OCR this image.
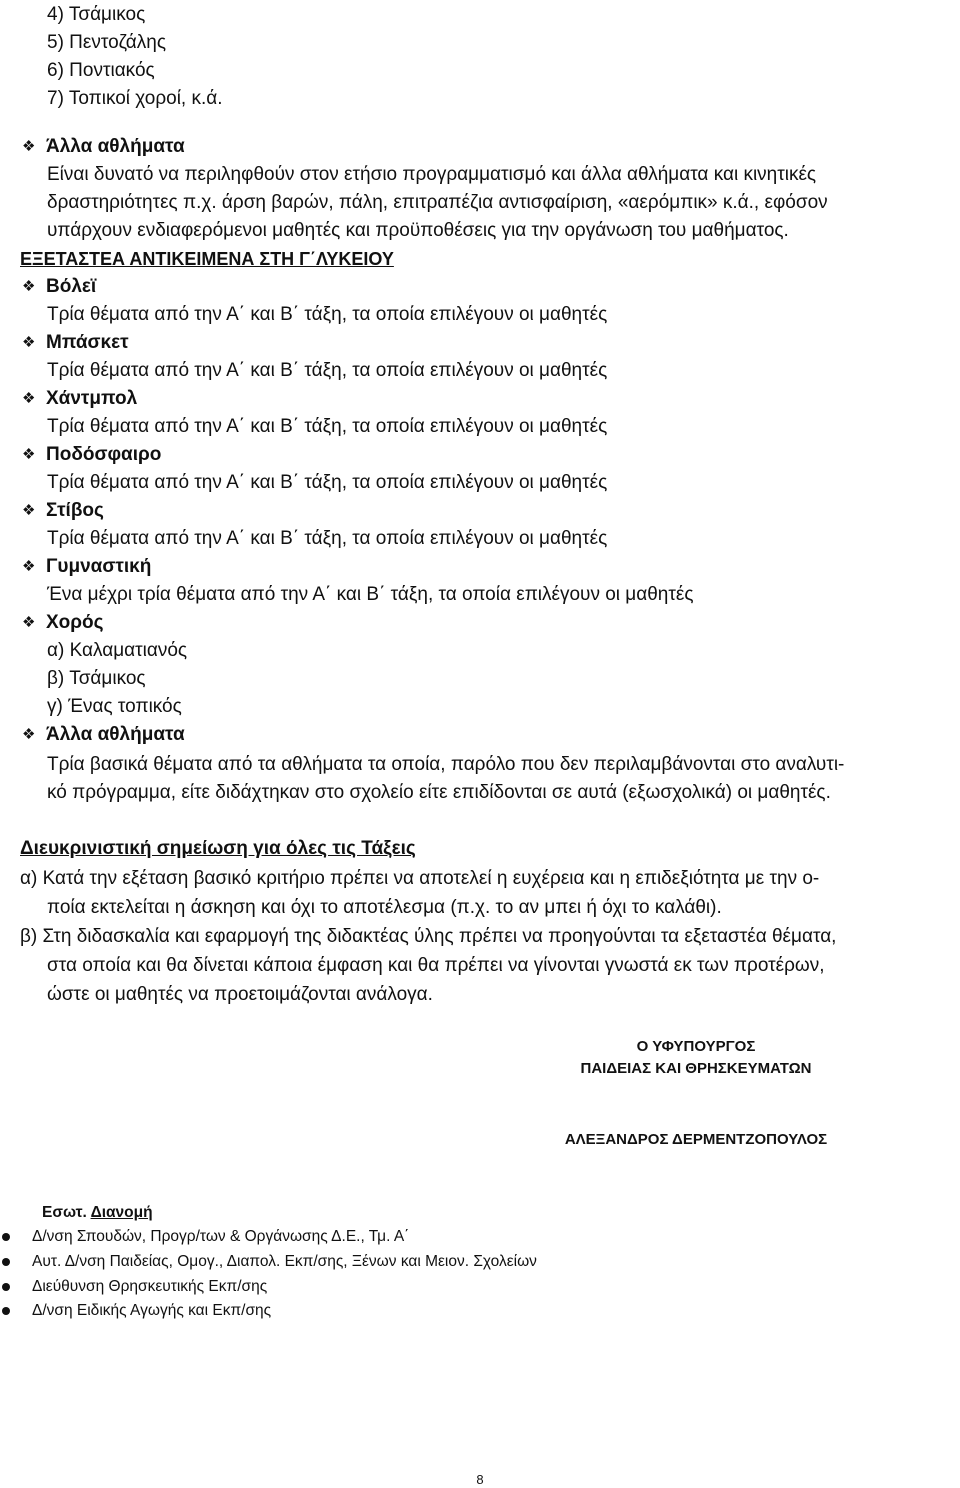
4) Τσάμικος
5) Πεντοζάλης
6) Ποντιακός
7) Τοπικοί χοροί, κ.ά.
❖ Άλλα αθλήματα
Είναι δυνατό να περιληφθούν στον ετήσιο προγραμματισμό και άλλα αθλήματα και κινητικές
δραστηριότητες π.χ. άρση βαρών, πάλη, επιτραπέζια αντισφαίριση, «αερόμπικ» κ.ά., εφόσον
υπάρχουν ενδιαφερόμενοι μαθητές και προϋποθέσεις για την οργάνωση του μαθήματος.
ΕΞΕΤΑΣΤΕΑ ΑΝΤΙΚΕΙΜΕΝΑ ΣΤΗ Γ΄ΛΥΚΕΙΟΥ
❖ Βόλεϊ
Τρία θέματα από την Α΄ και Β΄ τάξη, τα οποία επιλέγουν οι μαθητές
❖ Μπάσκετ
Τρία θέματα από την Α΄ και Β΄ τάξη, τα οποία επιλέγουν οι μαθητές
❖ Χάντμπολ
Τρία θέματα από την Α΄ και Β΄ τάξη, τα οποία επιλέγουν οι μαθητές
❖ Ποδόσφαιρο
Τρία θέματα από την Α΄ και Β΄ τάξη, τα οποία επιλέγουν οι μαθητές
❖ Στίβος
Τρία θέματα από την Α΄ και Β΄ τάξη, τα οποία επιλέγουν οι μαθητές
❖ Γυμναστική
Ένα μέχρι τρία θέματα από την Α΄ και Β΄ τάξη, τα οποία επιλέγουν οι μαθητές
❖ Χορός
α) Καλαματιανός
β) Τσάμικος
γ) Ένας τοπικός
❖ Άλλα αθλήματα
Τρία βασικά θέματα από τα αθλήματα τα οποία, παρόλο που δεν περιλαμβάνονται στο αναλυτι-
κό πρόγραμμα, είτε διδάχτηκαν στο σχολείο είτε επιδίδονται σε αυτά (εξωσχολικά) οι μαθητές.
Διευκρινιστική σημείωση για όλες τις Τάξεις
α) Κατά την εξέταση βασικό κριτήριο πρέπει να αποτελεί η ευχέρεια και η επιδεξιότητα με την ο-
ποία εκτελείται η άσκηση και όχι το αποτέλεσμα (π.χ. το αν μπει ή όχι το καλάθι).
β) Στη διδασκαλία και εφαρμογή της διδακτέας ύλης πρέπει να προηγούνται τα εξεταστέα θέματα,
στα οποία και θα δίνεται κάποια έμφαση και θα πρέπει να γίνονται γνωστά εκ των προτέρων,
ώστε οι μαθητές να προετοιμάζονται ανάλογα.
Ο ΥΦΥΠΟΥΡΓΟΣ
ΠΑΙΔΕΙΑΣ ΚΑΙ ΘΡΗΣΚΕΥΜΑΤΩΝ
ΑΛΕΞΑΝΔΡΟΣ ΔΕΡΜΕΝΤΖΟΠΟΥΛΟΣ
Εσωτ. Διανομή
Δ/νση Σπουδών, Προγρ/των & Οργάνωσης Δ.Ε., Τμ. Α΄
Αυτ. Δ/νση Παιδείας, Ομογ., Διαπολ. Εκπ/σης, Ξένων και Μειον. Σχολείων
Διεύθυνση Θρησκευτικής Εκπ/σης
Δ/νση Ειδικής Αγωγής και Εκπ/σης
8
